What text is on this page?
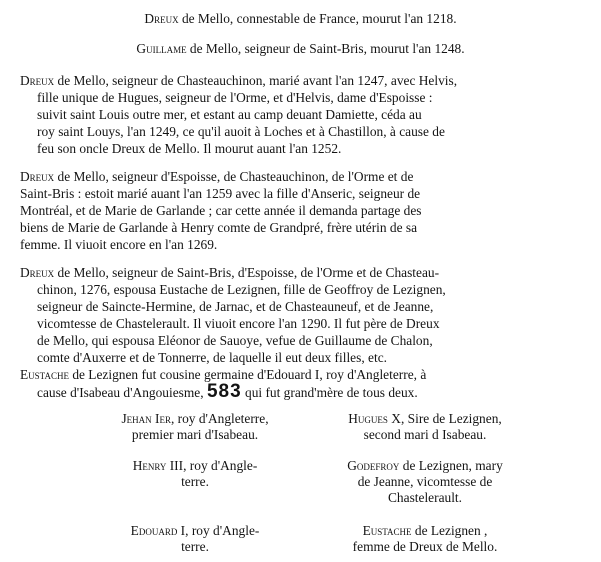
Dreux de Mello, connestable de France, mourut l'an 1218.
Guillame de Mello, seigneur de Saint-Bris, mourut l'an 1248.
Dreux de Mello, seigneur de Chasteauchinon, marié avant l'an 1247, avec Helvis,
fille unique de Hugues, seigneur de l'Orme, et d'Helvis, dame d'Espoisse :
suivit saint Louis outre mer, et estant au camp deuant Damiette, céda au
roy saint Louys, l'an 1249, ce qu'il auoit à Loches et à Chastillon, à cause de
feu son oncle Dreux de Mello. Il mourut auant l'an 1252.
Dreux de Mello, seigneur d'Espoisse, de Chasteauchinon, de l'Orme et de
Saint-Bris : estoit marié auant l'an 1259 avec la fille d'Anseric, seigneur de
Montréal, et de Marie de Garlande ; car cette année il demanda partage des
biens de Marie de Garlande à Henry comte de Grandpré, frère utérin de sa
femme. Il viuoit encore en l'an 1269.
Dreux de Mello, seigneur de Saint-Bris, d'Espoisse, de l'Orme et de Chasteau-
chinon, 1276, espousa Eustache de Lezignen, fille de Geoffroy de Lezignen,
seigneur de Saincte-Hermine, de Jarnac, et de Chasteauneuf, et de Jeanne,
vicomtesse de Chastelerault. Il viuoit encore l'an 1290. Il fut père de Dreux
de Mello, qui espousa Eléonor de Sauoye, vefue de Guillaume de Chalon,
comte d'Auxerre et de Tonnerre, de laquelle il eut deux filles, etc.
Eustache de Lezignen fut cousine germaine d'Edouard I, roy d'Angleterre, à
cause d'Isabeau d'Angouiesme, 583 qui fut grand'mère de tous deux.
Jehan Ier, roy d'Angleterre,
premier mari d'Isabeau.
Henry III, roy d'Angle-
terre.
Edouard I, roy d'Angle-
terre.
Hugues X, Sire de Lezignen,
second mari d Isabeau.
Godefroy de Lezignen, mary
de Jeanne, vicomtesse de
Chastelerault.
Eustache de Lezignen ,
femme de Dreux de Mello.
